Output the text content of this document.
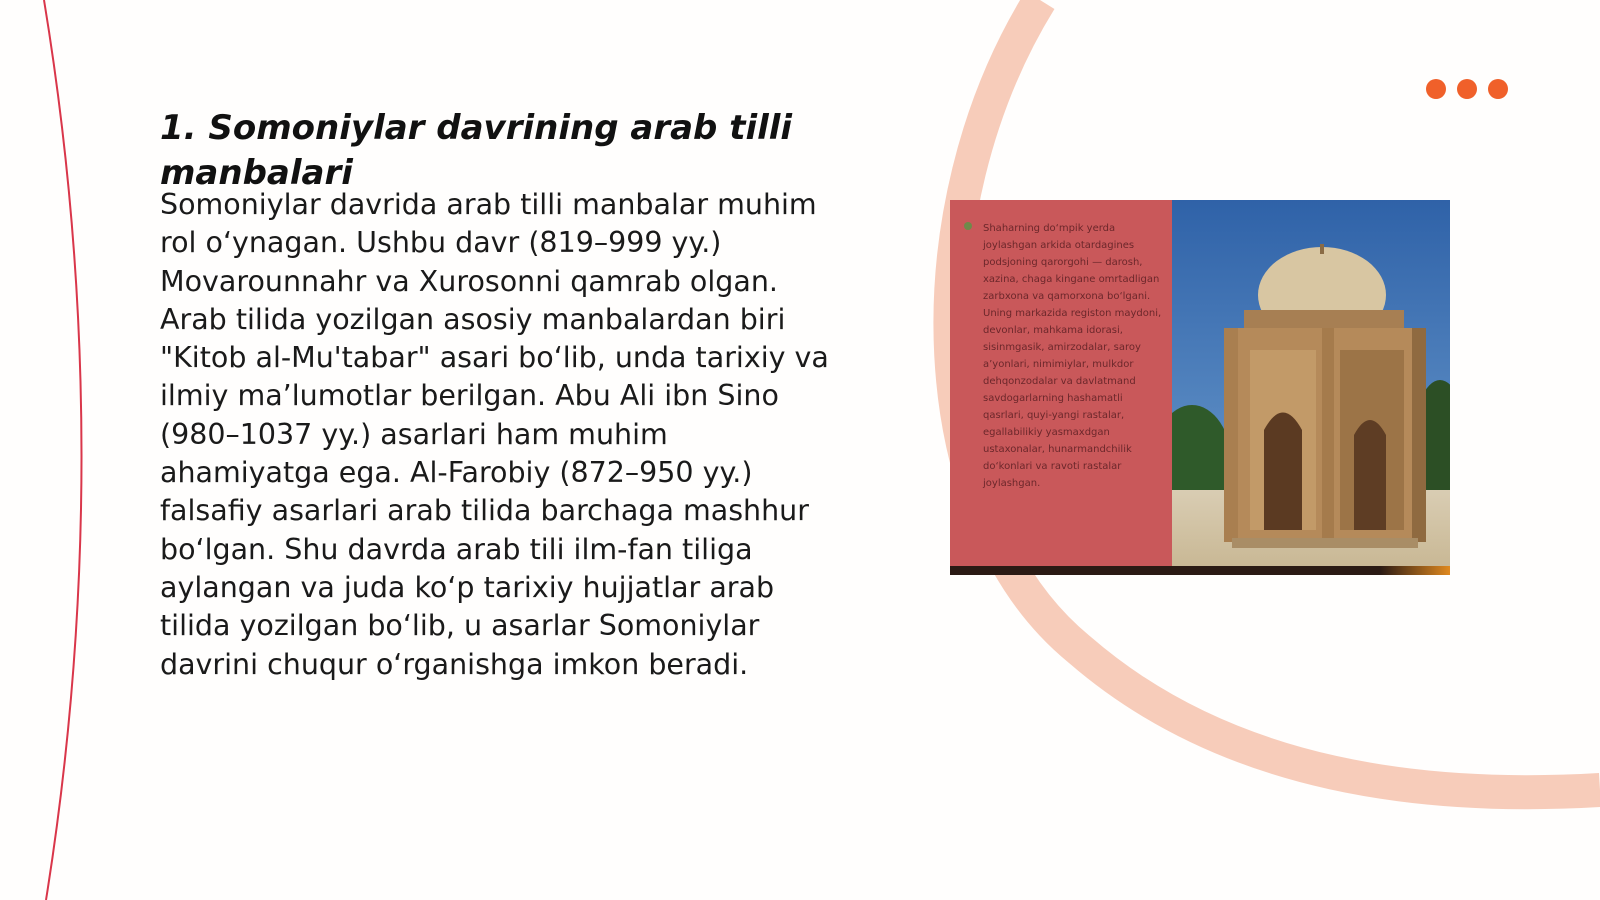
1. Somoniylar davrining arab tilli manbalari

Somoniylar davrida arab tilli manbalar muhim rol o‘ynagan. Ushbu davr (819–999 yy.) Movarounnahr va Xurosonni qamrab olgan. Arab tilida yozilgan asosiy manbalardan biri "Kitob al-Mu'tabar" asari bo‘lib, unda tarixiy va ilmiy ma’lumotlar berilgan. Abu Ali ibn Sino (980–1037 yy.) asarlari ham muhim ahamiyatga ega. Al-Farobiy (872–950 yy.) falsafiy asarlari arab tilida barchaga mashhur bo‘lgan. Shu davrda arab tili ilm-fan tiliga aylangan va juda ko‘p tarixiy hujjatlar arab tilida yozilgan bo‘lib, u asarlar Somoniylar davrini chuqur o‘rganishga imkon beradi.

Shaharning do‘mpik yerda joylashgan arkida otardagines podsjoning qarorgohi — darosh, xazina, chaga kingane omrtadligan zarbxona va qamorxona bo‘lgani. Uning markazida registon maydoni, devonlar, mahkama idorasi, sisinmgasik, amirzodalar, saroy a’yonlari, nimimiylar, mulkdor dehqonzodalar va davlatmand savdogarlarning hashamatli qasrlari, quyi-yangi rastalar, egallabilikiy yasmaxdgan ustaxonalar, hunarmandchilik do‘konlari va ravoti rastalar joylashgan.
